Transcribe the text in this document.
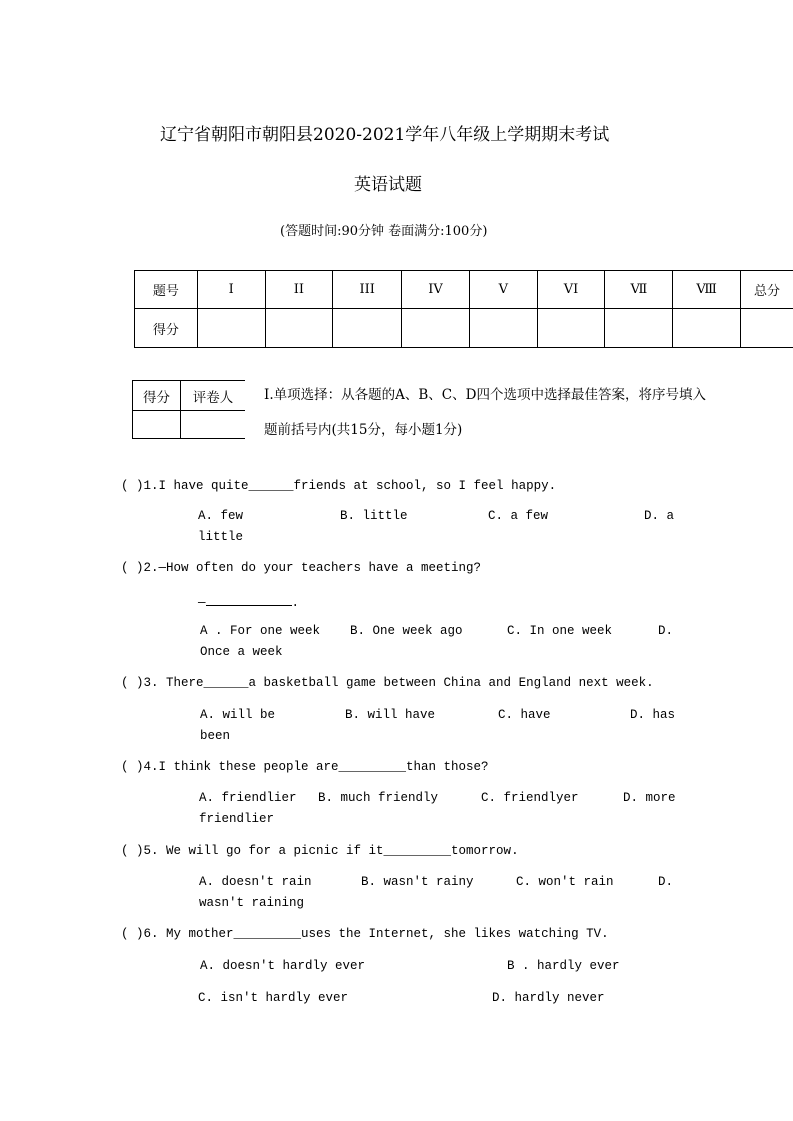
辽宁省朝阳市朝阳县2020-2021学年八年级上学期期末考试
英语试题
(答题时间:90分钟 卷面满分:100分)
题号	I	II	III	IV	V	VI	Ⅶ	Ⅷ	总分
得分									
得分	评卷人
	I.单项选择：从各题的A、B、C、D四个选项中选择最佳答案，将序号填入
题前括号内(共15分，每小题1分)
( )1.I have quite______friends at school, so I feel happy.
A. few	B. little	C. a few	D. a
little
( )2.—How often do your teachers have a meeting?
—	.
A . For one week B. One week ago	C. In one week	D.
Once a week
( )3. There______a basketball game between China and England next week.
A. will be	B. will have	C. have	D. has
been
( )4.I think these people are_________than those?
A. friendlier B. much friendly	C. friendlyer	D. more
friendlier
( )5. We will go for a picnic if it_________tomorrow.
A. doesn't rain	B. wasn't rainy	C. won't rain	D.
wasn't raining
( )6. My mother_________uses the Internet, she likes watching TV.
A. doesn't hardly ever	B . hardly ever
C. isn't hardly ever	D. hardly never
